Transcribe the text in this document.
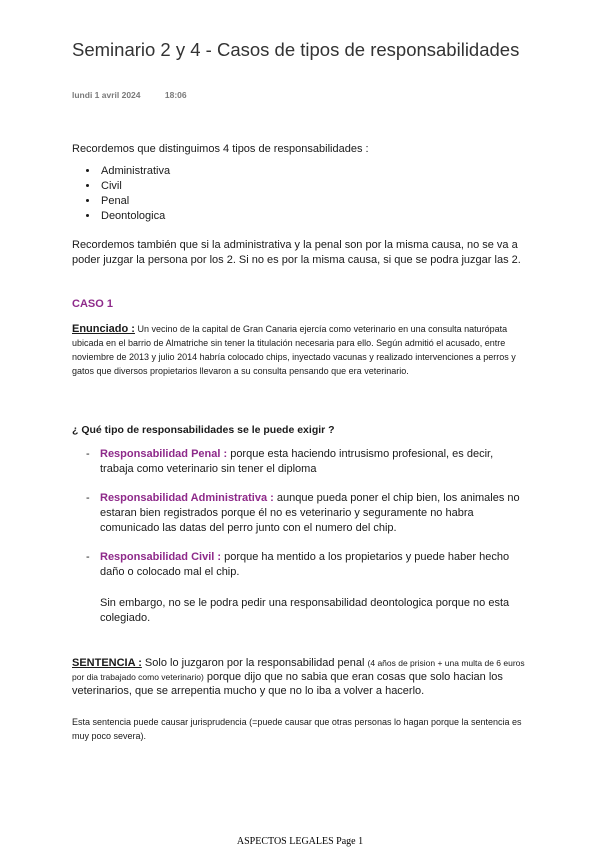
Seminario 2 y 4 - Casos de tipos de responsabilidades
lundi 1 avril 2024	18:06
Recordemos que distinguimos 4 tipos de responsabilidades :
• Administrativa
• Civil
• Penal
• Deontologica
Recordemos también que si la administrativa y la penal son por la misma causa, no se va a poder juzgar la persona por los 2. Si no es por la misma causa, si que se podra juzgar las 2.
CASO 1
Enunciado : Un vecino de la capital de Gran Canaria ejercía como veterinario en una consulta naturópata ubicada en el barrio de Almatriche sin tener la titulación necesaria para ello. Según admitió el acusado, entre noviembre de 2013 y julio 2014 habría colocado chips, inyectado vacunas y realizado intervenciones a perros y gatos que diversos propietarios llevaron a su consulta pensando que era veterinario.
¿ Qué tipo de responsabilidades se le puede exigir ?
- Responsabilidad Penal : porque esta haciendo intrusismo profesional, es decir, trabaja como veterinario sin tener el diploma
- Responsabilidad Administrativa : aunque pueda poner el chip bien, los animales no estaran bien registrados porque él no es veterinario y seguramente no habra comunicado las datas del perro junto con el numero del chip.
- Responsabilidad Civil : porque ha mentido a los propietarios y puede haber hecho daño o colocado mal el chip.
Sin embargo, no se le podra pedir una responsabilidad deontologica porque no esta colegiado.
SENTENCIA : Solo lo juzgaron por la responsabilidad penal (4 años de prision + una multa de 6 euros por dia trabajado como veterinario) porque dijo que no sabia que eran cosas que solo hacian los veterinarios, que se arrepentia mucho y que no lo iba a volver a hacerlo.
Esta sentencia puede causar jurisprudencia (=puede causar que otras personas lo hagan porque la sentencia es muy poco severa).
ASPECTOS LEGALES Page 1
